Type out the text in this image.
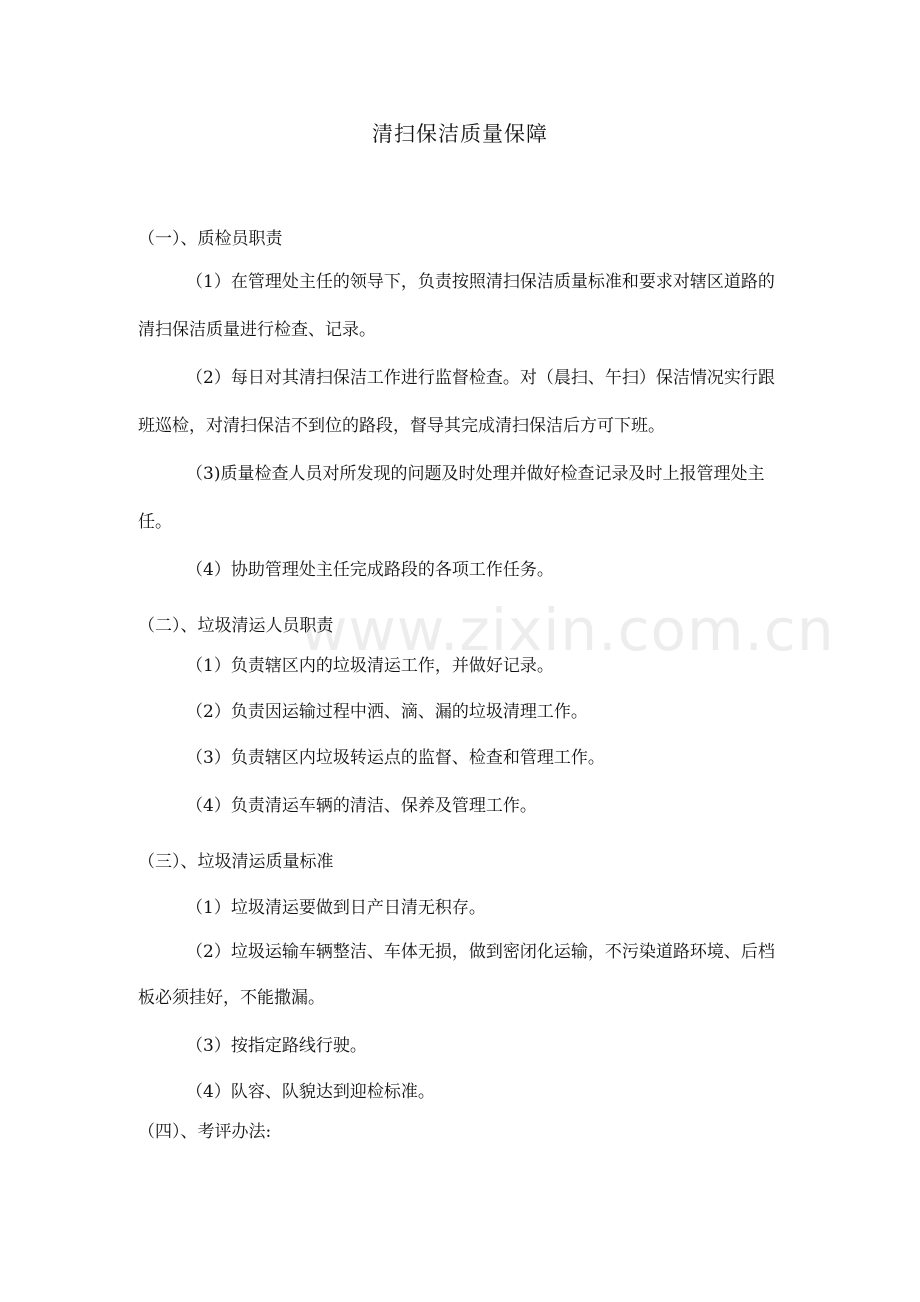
www.zixin.com.cn
清扫保洁质量保障
（一）、质检员职责
（1）在管理处主任的领导下，负责按照清扫保洁质量标准和要求对辖区道路的
清扫保洁质量进行检查、记录。
（2）每日对其清扫保洁工作进行监督检查。对（晨扫、午扫）保洁情况实行跟
班巡检，对清扫保洁不到位的路段，督导其完成清扫保洁后方可下班。
（3)质量检查人员对所发现的问题及时处理并做好检查记录及时上报管理处主
任。
（4）协助管理处主任完成路段的各项工作任务。
（二）、垃圾清运人员职责
（1）负责辖区内的垃圾清运工作，并做好记录。
（2）负责因运输过程中洒、滴、漏的垃圾清理工作。
（3）负责辖区内垃圾转运点的监督、检查和管理工作。
（4）负责清运车辆的清洁、保养及管理工作。
（三）、垃圾清运质量标准
（1）垃圾清运要做到日产日清无积存。
（2）垃圾运输车辆整洁、车体无损，做到密闭化运输，不污染道路环境、后档
板必须挂好，不能撒漏。
（3）按指定路线行驶。
（4）队容、队貌达到迎检标准。
（四）、考评办法:
